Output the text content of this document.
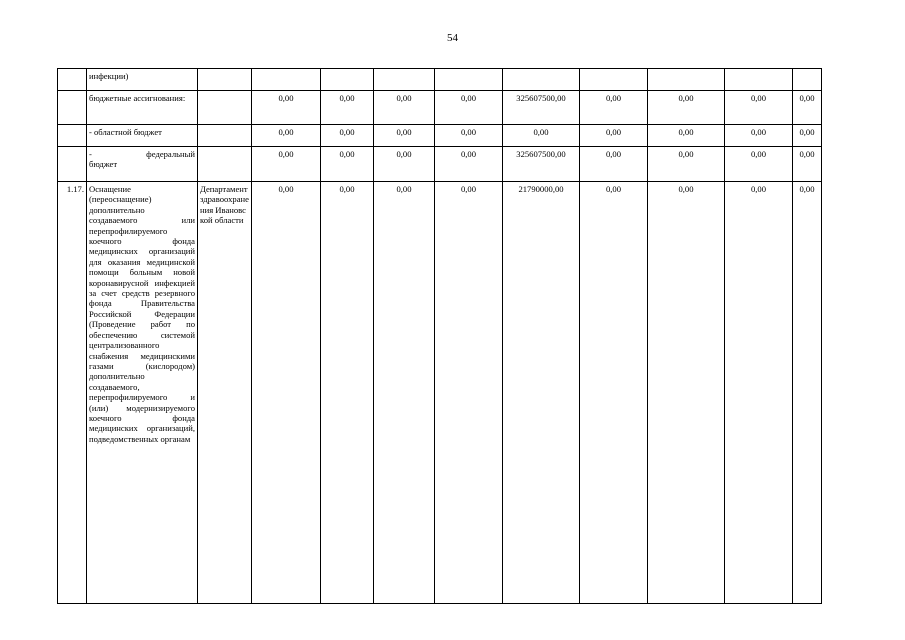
54
	инфекции)										
	бюджетные ассигнования:		0,00	0,00	0,00	0,00	325607500,00	0,00	0,00	0,00	0,00
	- областной бюджет		0,00	0,00	0,00	0,00	0,00	0,00	0,00	0,00	0,00

	- федеральный
бюджет		0,00	0,00	0,00	0,00	325607500,00	0,00	0,00	0,00	0,00
1.17.	Оснащение (переоснащение) дополнительно создаваемого или перепрофилируемого коечного фонда медицинских организаций для оказания медицинской помощи больным новой коронавирусной инфекцией за счет средств резервного фонда Правительства Российской Федерации (Проведение работ по обеспечению системой централизованного снабжения медицинскими газами (кислородом) дополнительно создаваемого, перепрофилируемого и (или) модернизируемого коечного фонда медицинских организаций, подведомственных органам	Департамент здравоохранения Ивановской области	0,00	0,00	0,00	0,00	21790000,00	0,00	0,00	0,00	0,00
